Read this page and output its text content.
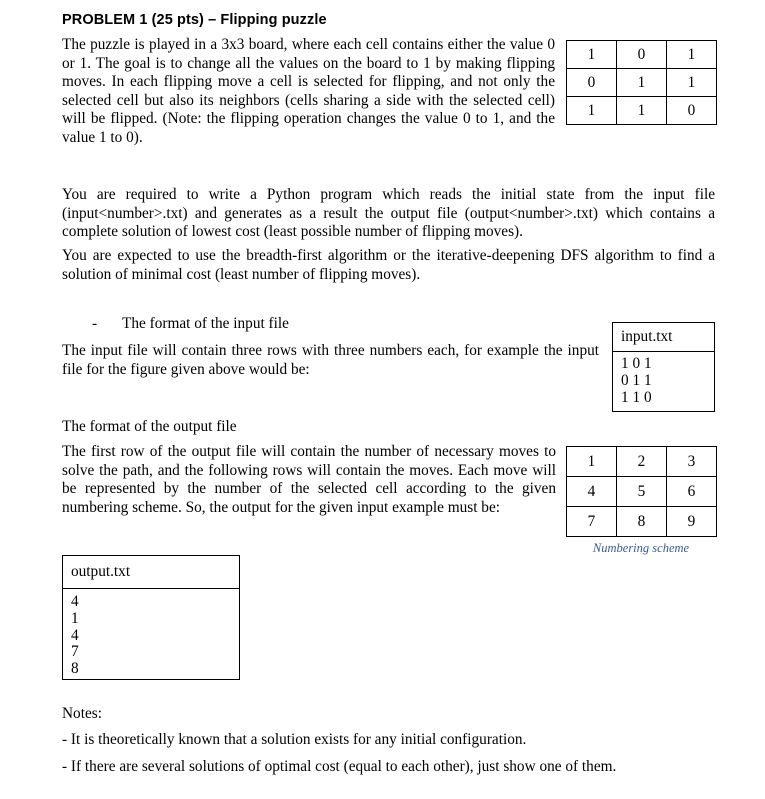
PROBLEM 1 (25 pts) – Flipping puzzle
The puzzle is played in a 3x3 board, where each cell contains either the value 0 or 1. The goal is to change all the values on the board to 1 by making flipping moves. In each flipping move a cell is selected for flipping, and not only the selected cell but also its neighbors (cells sharing a side with the selected cell) will be flipped. (Note: the flipping operation changes the value 0 to 1, and the value 1 to 0).
1	0	1
0	1	1
1	1	0
You are required to write a Python program which reads the initial state from the input file (input<number>.txt) and generates as a result the output file (output<number>.txt) which contains a complete solution of lowest cost (least possible number of flipping moves).
You are expected to use the breadth-first algorithm or the iterative-deepening DFS algorithm to find a solution of minimal cost (least number of flipping moves).
- The format of the input file
The input file will contain three rows with three numbers each, for example the input file for the figure given above would be:
input.txt
1 0 1
0 1 1
1 1 0
The format of the output file
The first row of the output file will contain the number of necessary moves to solve the path, and the following rows will contain the moves. Each move will be represented by the number of the selected cell according to the given numbering scheme. So, the output for the given input example must be:
1	2	3
4	5	6
7	8	9
Numbering scheme
output.txt
4
1
4
7
8
Notes:
- It is theoretically known that a solution exists for any initial configuration.
- If there are several solutions of optimal cost (equal to each other), just show one of them.
